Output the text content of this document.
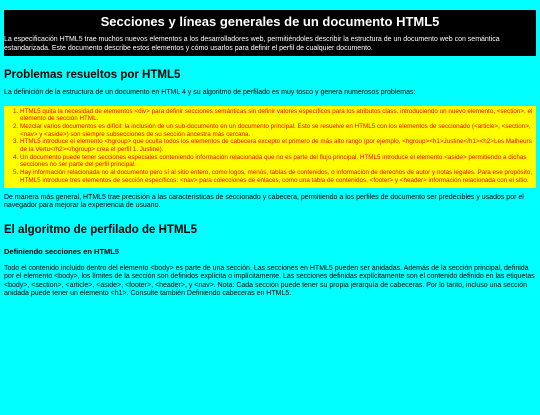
Secciones y líneas generales de un documento HTML5

La especificación HTML5 trae muchos nuevos elementos a los desarrolladores web, permitiéndoles describir la estructura de un documento web con semántica estandarizada. Este documento describe estos elementos y cómo usarlos para definir el perfil de cualquier documento.

Problemas resueltos por HTML5

La definición de la estructura de un documento en HTML 4 y su algoritmo de perfilado es muy tosco y genera numerosos problemas:

1. HTML5 quita la necesidad de elementos <div> para definir secciones semánticas sin definir valores específicos para los atributos class. introduciendo un nuevo elemento, <section>, el elemento de sección HTML.
2. Mezclar varios documentos es difícil: la inclusión de un sub-documento en un documento principal. Esto se resuelve en HTML5 con los elementos de seccionado (<article>, <section>, <nav> y <aside>) son siempre subsecciones de su sección ancestra más cercana.
3. HTML5 introduce el elemento <hgroup> que oculta todos los elementos de cabecera excepto el primero de más alto rango (por ejemplo, <hgroup><h1>Justine</h1><h2>Les Malheurs de la Vertu</h2></hgroup> crea el perfil 1. Justine).
4. Un documento puede tener secciones especiales conteniendo información relacionada que no es parte del flujo principal. HTML5 introduce el elemento <aside> permitiendo a dichas secciones no ser parte del perfil principal.
5. Hay información relacionada no al documento pero sí al sitio entero, como logos, menús, tablas de contenidos, o información de derechos de autor y notas legales. Para ese propósito, HTML5 introduce tres elementos de sección específicos: <nav> para colecciones de enlaces, como una tabla de contenidos, <footer> y <header> información relacionada con el sitio.

De manera más general, HTML5 trae precisión a las características de seccionado y cabecera, permitiendo a los perfiles de documento ser predecibles y usados por el navegador para mejorar la experiencia de usuario.

El algoritmo de perfilado de HTML5
Definiendo secciones en HTML5

Todo el contenido incluido dentro del elemento <body> es parte de una sección. Las secciones en HTML5 pueden ser anidadas. Además de la sección principal, definida por el elemento <body>, los límites de la sección son definidos explícita o implícitamente. Las secciones definidas explícitamente son el contenido definido en las etiquetas <body>, <section>, <article>, <aside>, <footer>, <header>, y <nav>. Nota: Cada sección puede tener su propia jerarquía de cabeceras. Por lo tanto, incluso una sección anidada puede tener un elemento <h1>. Consulte también Definiendo cabeceras en HTML5.
